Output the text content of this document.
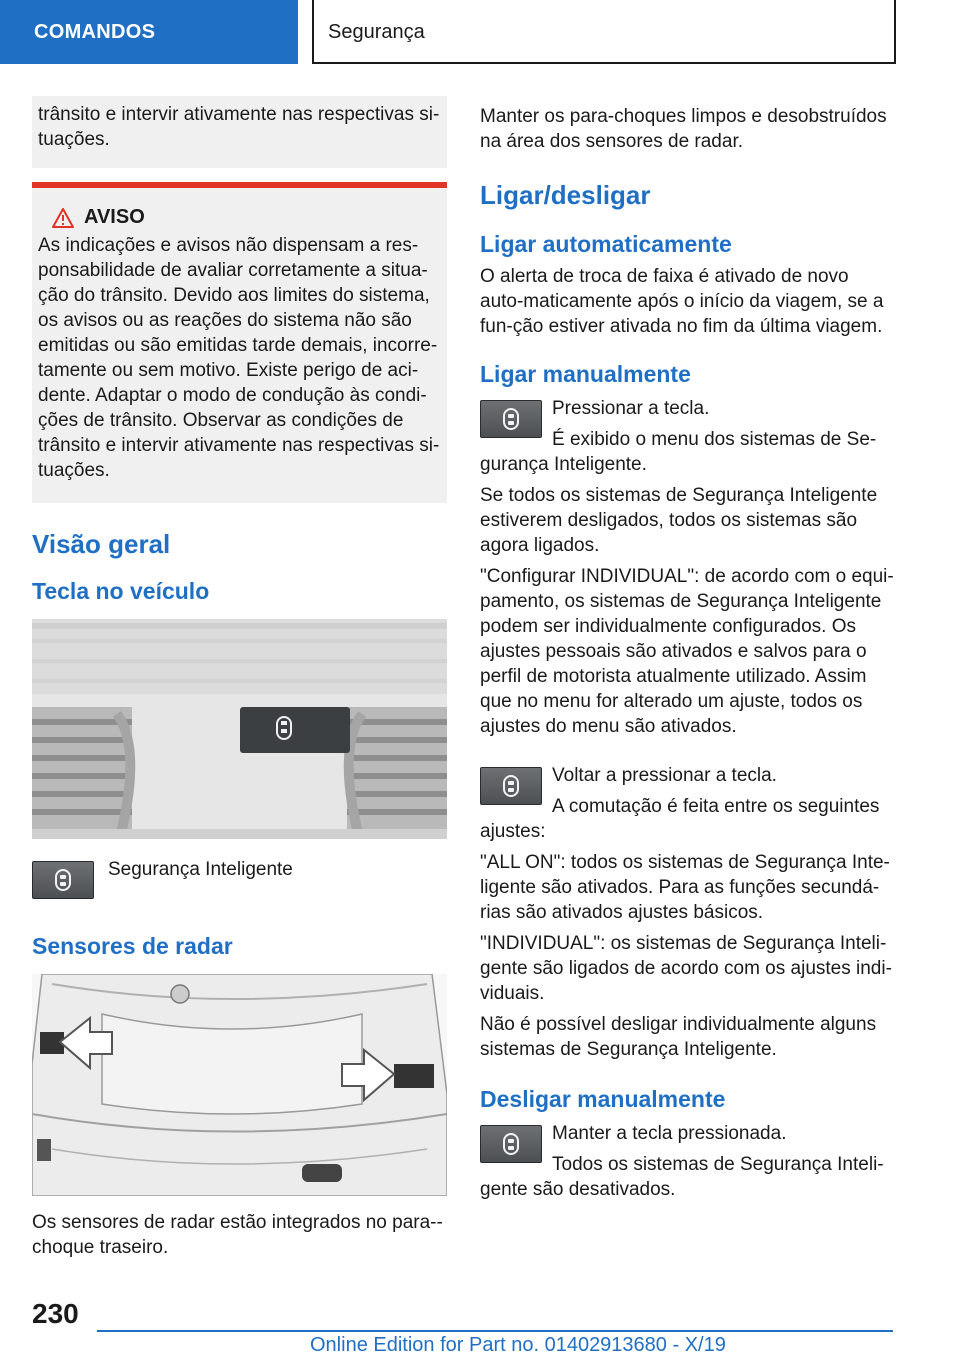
COMANDOS	Segurança

trânsito e intervir ativamente nas respectivas si-tuações.

AVISO

As indicações e avisos não dispensam a res-ponsabilidade de avaliar corretamente a situa-ção do trânsito. Devido aos limites do sistema, os avisos ou as reações do sistema não são emitidas ou são emitidas tarde demais, incorre-tamente ou sem motivo. Existe perigo de aci-dente. Adaptar o modo de condução às condi-ções de trânsito. Observar as condições de trânsito e intervir ativamente nas respectivas si-tuações.

Visão geral
Tecla no veículo

Segurança Inteligente

Sensores de radar

Os sensores de radar estão integrados no para--choque traseiro.

Manter os para-choques limpos e desobstruídos na área dos sensores de radar.

Ligar/desligar
Ligar automaticamente

O alerta de troca de faixa é ativado de novo auto-maticamente após o início da viagem, se a fun-ção estiver ativada no fim da última viagem.

Ligar manualmente

Pressionar a tecla.

É exibido o menu dos sistemas de Se-gurança Inteligente.

Se todos os sistemas de Segurança Inteligente estiverem desligados, todos os sistemas são agora ligados.

"Configurar INDIVIDUAL": de acordo com o equi-pamento, os sistemas de Segurança Inteligente podem ser individualmente configurados. Os ajustes pessoais são ativados e salvos para o perfil de motorista atualmente utilizado. Assim que no menu for alterado um ajuste, todos os ajustes do menu são ativados.

Voltar a pressionar a tecla.

A comutação é feita entre os seguintes ajustes:

"ALL ON": todos os sistemas de Segurança Inte-ligente são ativados. Para as funções secundá-rias são ativados ajustes básicos.

"INDIVIDUAL": os sistemas de Segurança Inteli-gente são ligados de acordo com os ajustes indi-viduais.

Não é possível desligar individualmente alguns sistemas de Segurança Inteligente.

Desligar manualmente

Manter a tecla pressionada.

Todos os sistemas de Segurança Inteli-gente são desativados.

230
Online Edition for Part no. 01402913680 - X/19
